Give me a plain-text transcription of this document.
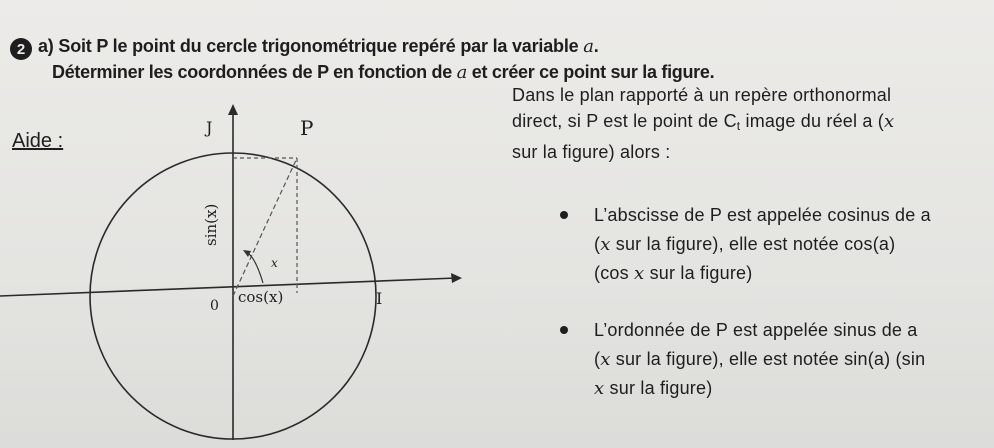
2 a) Soit P le point du cercle trigonométrique repéré par la variable a.
Déterminer les coordonnées de P en fonction de a et créer ce point sur la figure.
Aide :
J	P
0	I
cos(x)
x
sin(x)
Dans le plan rapporté à un repère orthonormal
direct, si P est le point de $C_t$ image du réel a (x
sur la figure) alors :
L’abscisse de P est appelée cosinus de a
(x sur la figure), elle est notée cos(a)
(cos x sur la figure)
L’ordonnée de P est appelée sinus de a
(x sur la figure), elle est notée sin(a) (sin
x sur la figure)
